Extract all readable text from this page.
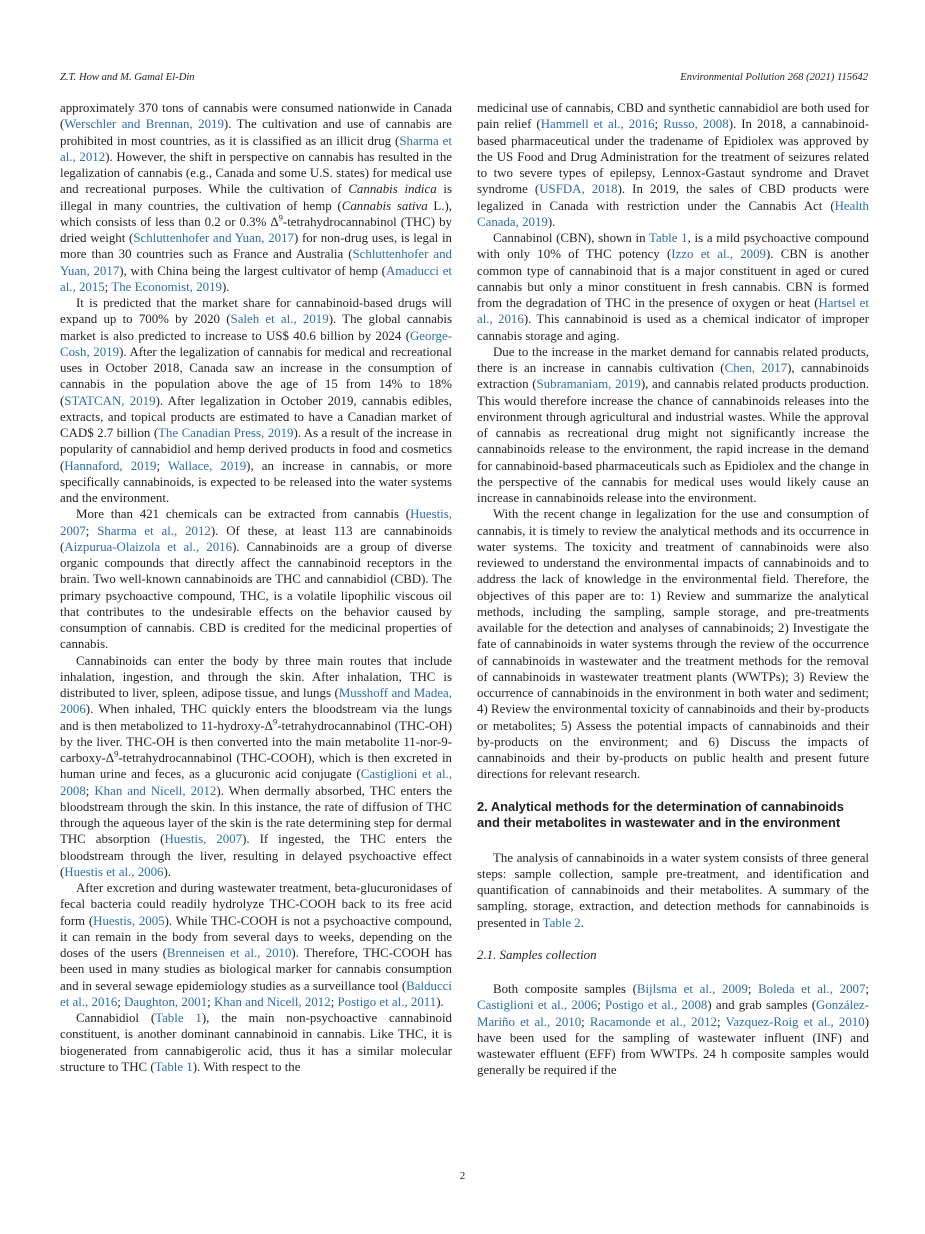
Z.T. How and M. Gamal El-Din	Environmental Pollution 268 (2021) 115642

approximately 370 tons of cannabis were consumed nationwide in Canada (Werschler and Brennan, 2019). The cultivation and use of cannabis are prohibited in most countries, as it is classified as an illicit drug (Sharma et al., 2012). However, the shift in perspective on cannabis has resulted in the legalization of cannabis (e.g., Canada and some U.S. states) for medical use and recreational purposes. While the cultivation of Cannabis indica is illegal in many countries, the cultivation of hemp (Cannabis sativa L.), which consists of less than 0.2 or 0.3% $\Delta^9$-tetrahydrocannabinol (THC) by dried weight (Schluttenhofer and Yuan, 2017) for non-drug uses, is legal in more than 30 countries such as France and Australia (Schluttenhofer and Yuan, 2017), with China being the largest cultivator of hemp (Amaducci et al., 2015; The Economist, 2019).

It is predicted that the market share for cannabinoid-based drugs will expand up to 700% by 2020 (Saleh et al., 2019). The global cannabis market is also predicted to increase to US$ 40.6 billion by 2024 (George-Cosh, 2019). After the legalization of cannabis for medical and recreational uses in October 2018, Canada saw an increase in the consumption of cannabis in the population above the age of 15 from 14% to 18% (STATCAN, 2019). After legalization in October 2019, cannabis edibles, extracts, and topical products are estimated to have a Canadian market of CAD$ 2.7 billion (The Canadian Press, 2019). As a result of the increase in popularity of cannabidiol and hemp derived products in food and cosmetics (Hannaford, 2019; Wallace, 2019), an increase in cannabis, or more specifically cannabinoids, is expected to be released into the water systems and the environment.

More than 421 chemicals can be extracted from cannabis (Huestis, 2007; Sharma et al., 2012). Of these, at least 113 are cannabinoids (Aizpurua-Olaizola et al., 2016). Cannabinoids are a group of diverse organic compounds that directly affect the cannabinoid receptors in the brain. Two well-known cannabinoids are THC and cannabidiol (CBD). The primary psychoactive compound, THC, is a volatile lipophilic viscous oil that contributes to the undesirable effects on the behavior caused by consumption of cannabis. CBD is credited for the medicinal properties of cannabis.

Cannabinoids can enter the body by three main routes that include inhalation, ingestion, and through the skin. After inhalation, THC is distributed to liver, spleen, adipose tissue, and lungs (Musshoff and Madea, 2006). When inhaled, THC quickly enters the bloodstream via the lungs and is then metabolized to $11-hydroxy-\Delta^9$-tetrahydrocannabinol (THC-OH) by the liver. THC-OH is then converted into the main metabolite $11-nor-9-carboxy-\Delta^9$-tetrahydrocannabinol (THC-COOH), which is then excreted in human urine and feces, as a glucuronic acid conjugate (Castiglioni et al., 2008; Khan and Nicell, 2012). When dermally absorbed, THC enters the bloodstream through the skin. In this instance, the rate of diffusion of THC through the aqueous layer of the skin is the rate determining step for dermal THC absorption (Huestis, 2007). If ingested, the THC enters the bloodstream through the liver, resulting in delayed psychoactive effect (Huestis et al., 2006).

After excretion and during wastewater treatment, beta-glucuronidases of fecal bacteria could readily hydrolyze THC-COOH back to its free acid form (Huestis, 2005). While THC-COOH is not a psychoactive compound, it can remain in the body from several days to weeks, depending on the doses of the users (Brenneisen et al., 2010). Therefore, THC-COOH has been used in many studies as biological marker for cannabis consumption and in several sewage epidemiology studies as a surveillance tool (Balducci et al., 2016; Daughton, 2001; Khan and Nicell, 2012; Postigo et al., 2011).

Cannabidiol (Table 1), the main non-psychoactive cannabinoid constituent, is another dominant cannabinoid in cannabis. Like THC, it is biogenerated from cannabigerolic acid, thus it has a similar molecular structure to THC (Table 1). With respect to the

medicinal use of cannabis, CBD and synthetic cannabidiol are both used for pain relief (Hammell et al., 2016; Russo, 2008). In 2018, a cannabinoid-based pharmaceutical under the tradename of Epidiolex was approved by the US Food and Drug Administration for the treatment of seizures related to two severe types of epilepsy, Lennox-Gastaut syndrome and Dravet syndrome (USFDA, 2018). In 2019, the sales of CBD products were legalized in Canada with restriction under the Cannabis Act (Health Canada, 2019).

Cannabinol (CBN), shown in Table 1, is a mild psychoactive compound with only 10% of THC potency (Izzo et al., 2009). CBN is another common type of cannabinoid that is a major constituent in aged or cured cannabis but only a minor constituent in fresh cannabis. CBN is formed from the degradation of THC in the presence of oxygen or heat (Hartsel et al., 2016). This cannabinoid is used as a chemical indicator of improper cannabis storage and aging.

Due to the increase in the market demand for cannabis related products, there is an increase in cannabis cultivation (Chen, 2017), cannabinoids extraction (Subramaniam, 2019), and cannabis related products production. This would therefore increase the chance of cannabinoids releases into the environment through agricultural and industrial wastes. While the approval of cannabis as recreational drug might not significantly increase the cannabinoids release to the environment, the rapid increase in the demand for cannabinoid-based pharmaceuticals such as Epidiolex and the change in the perspective of the cannabis for medical uses would likely cause an increase in cannabinoids release into the environment.

With the recent change in legalization for the use and consumption of cannabis, it is timely to review the analytical methods and its occurrence in water systems. The toxicity and treatment of cannabinoids were also reviewed to understand the environmental impacts of cannabinoids and to address the lack of knowledge in the environmental field. Therefore, the objectives of this paper are to: 1) Review and summarize the analytical methods, including the sampling, sample storage, and pre-treatments available for the detection and analyses of cannabinoids; 2) Investigate the fate of cannabinoids in water systems through the review of the occurrence of cannabinoids in wastewater and the treatment methods for the removal of cannabinoids in wastewater treatment plants (WWTPs); 3) Review the occurrence of cannabinoids in the environment in both water and sediment; 4) Review the environmental toxicity of cannabinoids and their by-products or metabolites; 5) Assess the potential impacts of cannabinoids and their by-products on the environment; and 6) Discuss the impacts of cannabinoids and their by-products on public health and present future directions for relevant research.

2. Analytical methods for the determination of cannabinoids and their metabolites in wastewater and in the environment

The analysis of cannabinoids in a water system consists of three general steps: sample collection, sample pre-treatment, and identification and quantification of cannabinoids and their metabolites. A summary of the sampling, storage, extraction, and detection methods for cannabinoids is presented in Table 2.

2.1. Samples collection

Both composite samples (Bijlsma et al., 2009; Boleda et al., 2007; Castiglioni et al., 2006; Postigo et al., 2008) and grab samples (González-Mariño et al., 2010; Racamonde et al., 2012; Vazquez-Roig et al., 2010) have been used for the sampling of wastewater influent (INF) and wastewater effluent (EFF) from WWTPs. 24 h composite samples would generally be required if the

2
